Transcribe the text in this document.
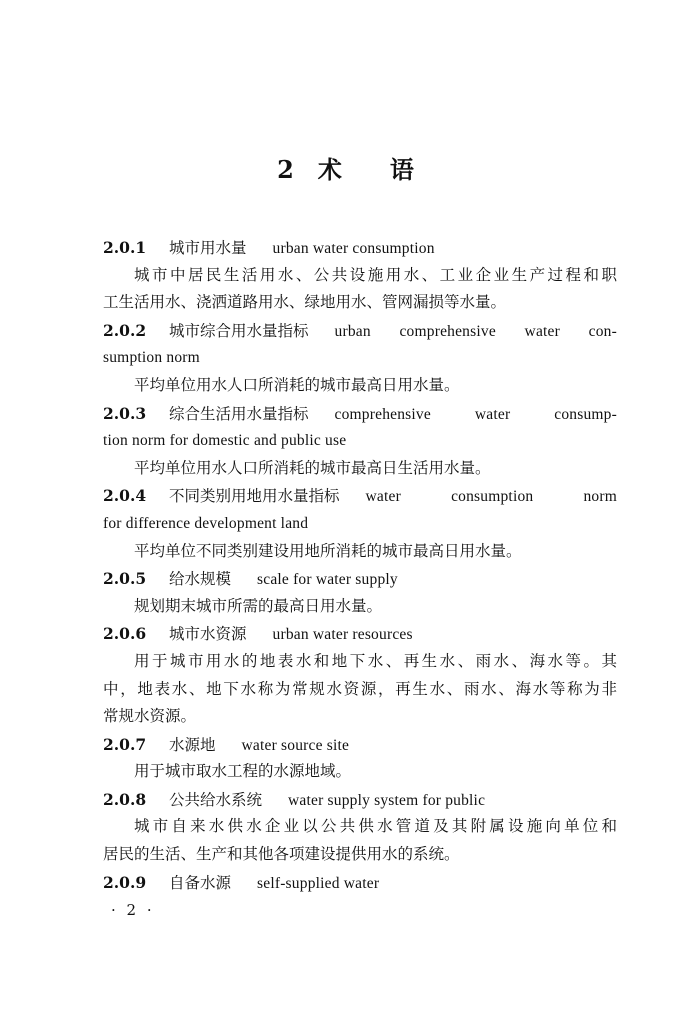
2 术 语
2.0.1 城市用水量 urban water consumption
城市中居民生活用水、公共设施用水、工业企业生产过程和职
工生活用水、浇洒道路用水、绿地用水、管网漏损等水量。
2.0.2 城市综合用水量指标 urban comprehensive water con-
sumption norm
平均单位用水人口所消耗的城市最高日用水量。
2.0.3 综合生活用水量指标 comprehensive water consump-
tion norm for domestic and public use
平均单位用水人口所消耗的城市最高日生活用水量。
2.0.4 不同类别用地用水量指标 water consumption norm
for difference development land
平均单位不同类别建设用地所消耗的城市最高日用水量。
2.0.5 给水规模 scale for water supply
规划期末城市所需的最高日用水量。
2.0.6 城市水资源 urban water resources
用于城市用水的地表水和地下水、再生水、雨水、海水等。其
中，地表水、地下水称为常规水资源，再生水、雨水、海水等称为非
常规水资源。
2.0.7 水源地 water source site
用于城市取水工程的水源地域。
2.0.8 公共给水系统 water supply system for public
城市自来水供水企业以公共供水管道及其附属设施向单位和
居民的生活、生产和其他各项建设提供用水的系统。
2.0.9 自备水源 self-supplied water
· 2 ·
